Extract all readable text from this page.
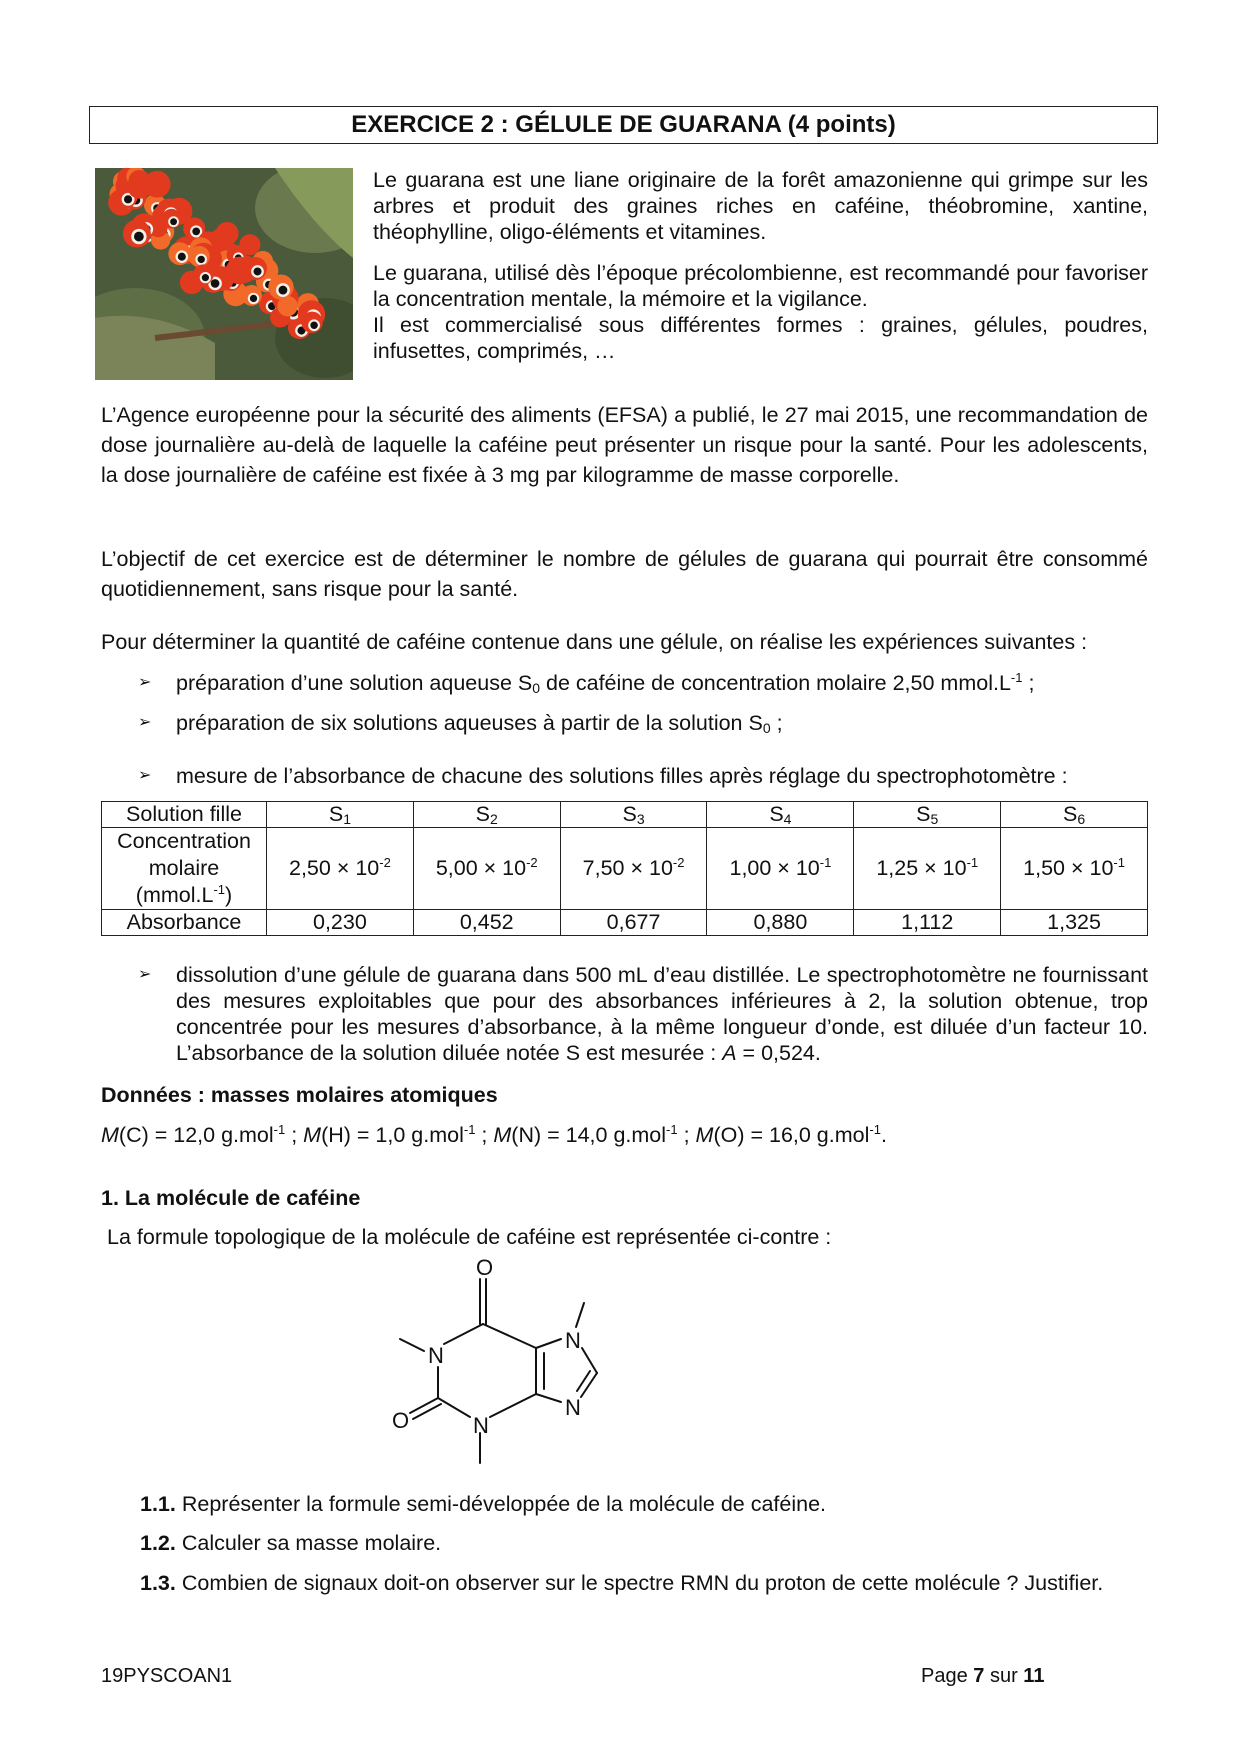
EXERCICE 2 : GÉLULE DE GUARANA (4 points)
Le guarana est une liane originaire de la forêt amazonienne qui grimpe sur les arbres et produit des graines riches en caféine, théobromine, xantine, théophylline, oligo-éléments et vitamines.
Le guarana, utilisé dès l’époque précolombienne, est recommandé pour favoriser la concentration mentale, la mémoire et la vigilance.
Il est commercialisé sous différentes formes : graines, gélules, poudres, infusettes, comprimés, …
L’Agence européenne pour la sécurité des aliments (EFSA) a publié, le 27 mai 2015, une recommandation de dose journalière au-delà de laquelle la caféine peut présenter un risque pour la santé. Pour les adolescents, la dose journalière de caféine est fixée à 3 mg par kilogramme de masse corporelle.
L’objectif de cet exercice est de déterminer le nombre de gélules de guarana qui pourrait être consommé quotidiennement, sans risque pour la santé.
Pour déterminer la quantité de caféine contenue dans une gélule, on réalise les expériences suivantes :
➢ préparation d’une solution aqueuse $S_0$ de caféine de concentration molaire 2,50 $mmol.L^{-1}$ ;
➢ préparation de six solutions aqueuses à partir de la solution $S_0$ ;
➢ mesure de l’absorbance de chacune des solutions filles après réglage du spectrophotomètre :
Solution fille	$S_1$	$S_2$	$S_3$	$S_4$	$S_5$	$S_6$
Concentration
molaire
$(mmol.L^{-1})$	$2,50 \times 10^{-2}$	$5,00 \times 10^{-2}$	$7,50 \times 10^{-2}$	$1,00 \times 10^{-1}$	$1,25 \times 10^{-1}$	$1,50 \times 10^{-1}$
Absorbance	0,230	0,452	0,677	0,880	1,112	1,325
➢ dissolution d’une gélule de guarana dans 500 mL d’eau distillée. Le spectrophotomètre ne fournissant des mesures exploitables que pour des absorbances inférieures à 2, la solution obtenue, trop concentrée pour les mesures d’absorbance, à la même longueur d’onde, est diluée d’un facteur 10. L’absorbance de la solution diluée notée S est mesurée : A = 0,524.
Données : masses molaires atomiques
M(C) = 12,0 g.mol$^{-1}$ ; M(H) = 1,0 g.mol$^{-1}$ ; M(N) = 14,0 g.mol$^{-1}$ ; M(O) = 16,0 g.mol$^{-1}$.
1. La molécule de caféine
La formule topologique de la molécule de caféine est représentée ci-contre :
O
N
N
N
N
O
1.1. Représenter la formule semi-développée de la molécule de caféine.
1.2. Calculer sa masse molaire.
1.3. Combien de signaux doit-on observer sur le spectre RMN du proton de cette molécule ? Justifier.
19PYSCOAN1	Page 7 sur 11
